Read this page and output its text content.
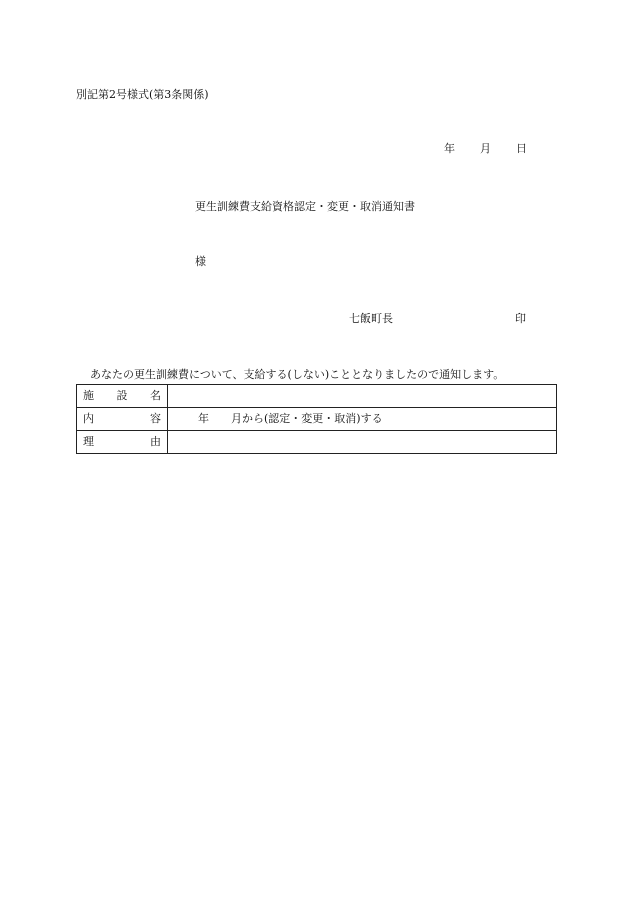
別記第2号様式(第3条関係)
年 月 日
更生訓練費支給資格認定・変更・取消通知書
様
七飯町長	印
あなたの更生訓練費について、支給する(しない)こととなりましたので通知します。
施 設 名	

内 容	年 月から(認定・変更・取消)する

理 由	
